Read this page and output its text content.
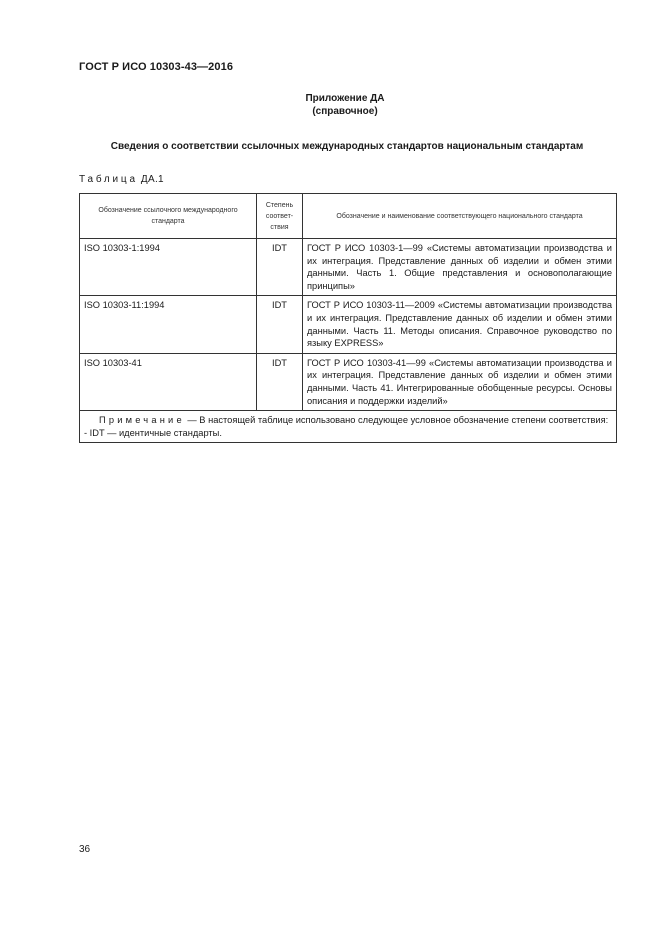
ГОСТ Р ИСО 10303-43—2016
Приложение ДА
(справочное)
Сведения о соответствии ссылочных международных стандартов национальным стандартам
Таблица ДА.1
Обозначение ссылочного международного стандарта	Степень соответствия	Обозначение и наименование соответствующего национального стандарта
ISO 10303-1:1994	IDT	ГОСТ Р ИСО 10303-1—99 «Системы автоматизации производства и их интеграция. Представление данных об изделии и обмен этими данными. Часть 1. Общие представления и основополагающие принципы»
ISO 10303-11:1994	IDT	ГОСТ Р ИСО 10303-11—2009 «Системы автоматизации производства и их интеграция. Представление данных об изделии и обмен этими данными. Часть 11. Методы описания. Справочное руководство по языку EXPRESS»
ISO 10303-41	IDT	ГОСТ Р ИСО 10303-41—99 «Системы автоматизации производства и их интеграция. Представление данных об изделии и обмен этими данными. Часть 41. Интегрированные обобщенные ресурсы. Основы описания и поддержки изделий»

Примечание — В настоящей таблице использовано следующее условное обозначение степени соответствия:
- IDT — идентичные стандарты.		
36
